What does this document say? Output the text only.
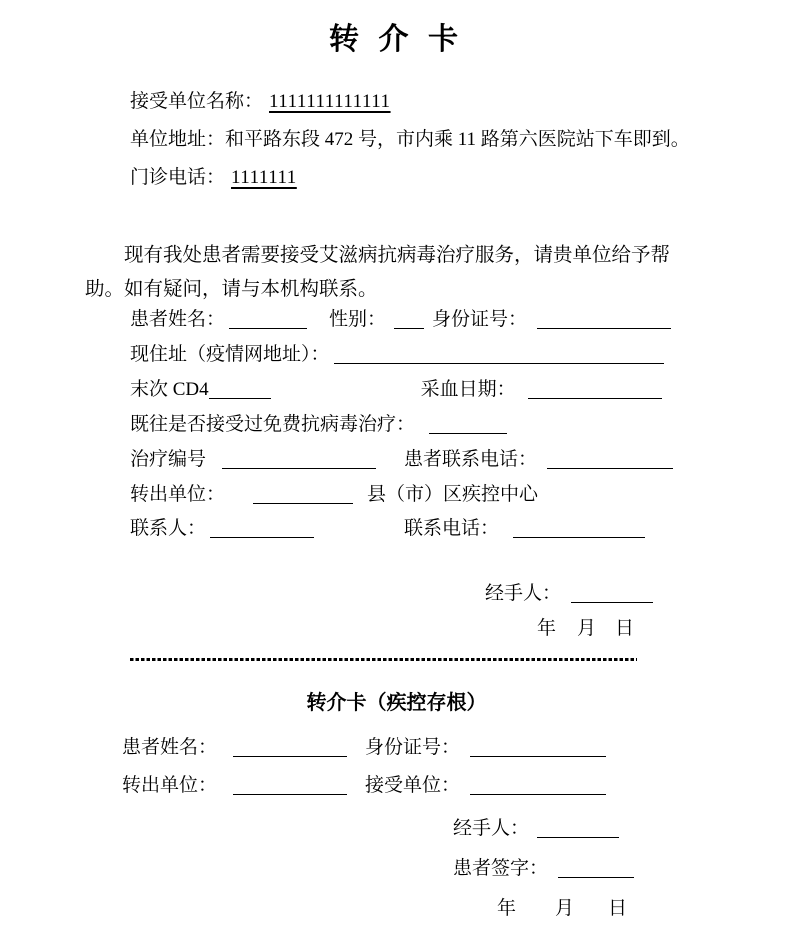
转 介 卡
接受单位名称： 1111111111111
单位地址：和平路东段 472 号，市内乘 11 路第六医院站下车即到。
门诊电话： 1111111

现有我处患者需要接受艾滋病抗病毒治疗服务，请贵单位给予帮助。如有疑问，请与本机构联系。

患者姓名：	性别： 身份证号：
现住址（疫情网地址）：
末次 CD4	采血日期：
既往是否接受过免费抗病毒治疗：
治疗编号	患者联系电话：
转出单位：	县（市）区疾控中心
联系人：	联系电话：
经手人：
年 月 日
转介卡（疾控存根）
患者姓名：	身份证号：
转出单位：	接受单位：
经手人：
患者签字：
年 月 日
